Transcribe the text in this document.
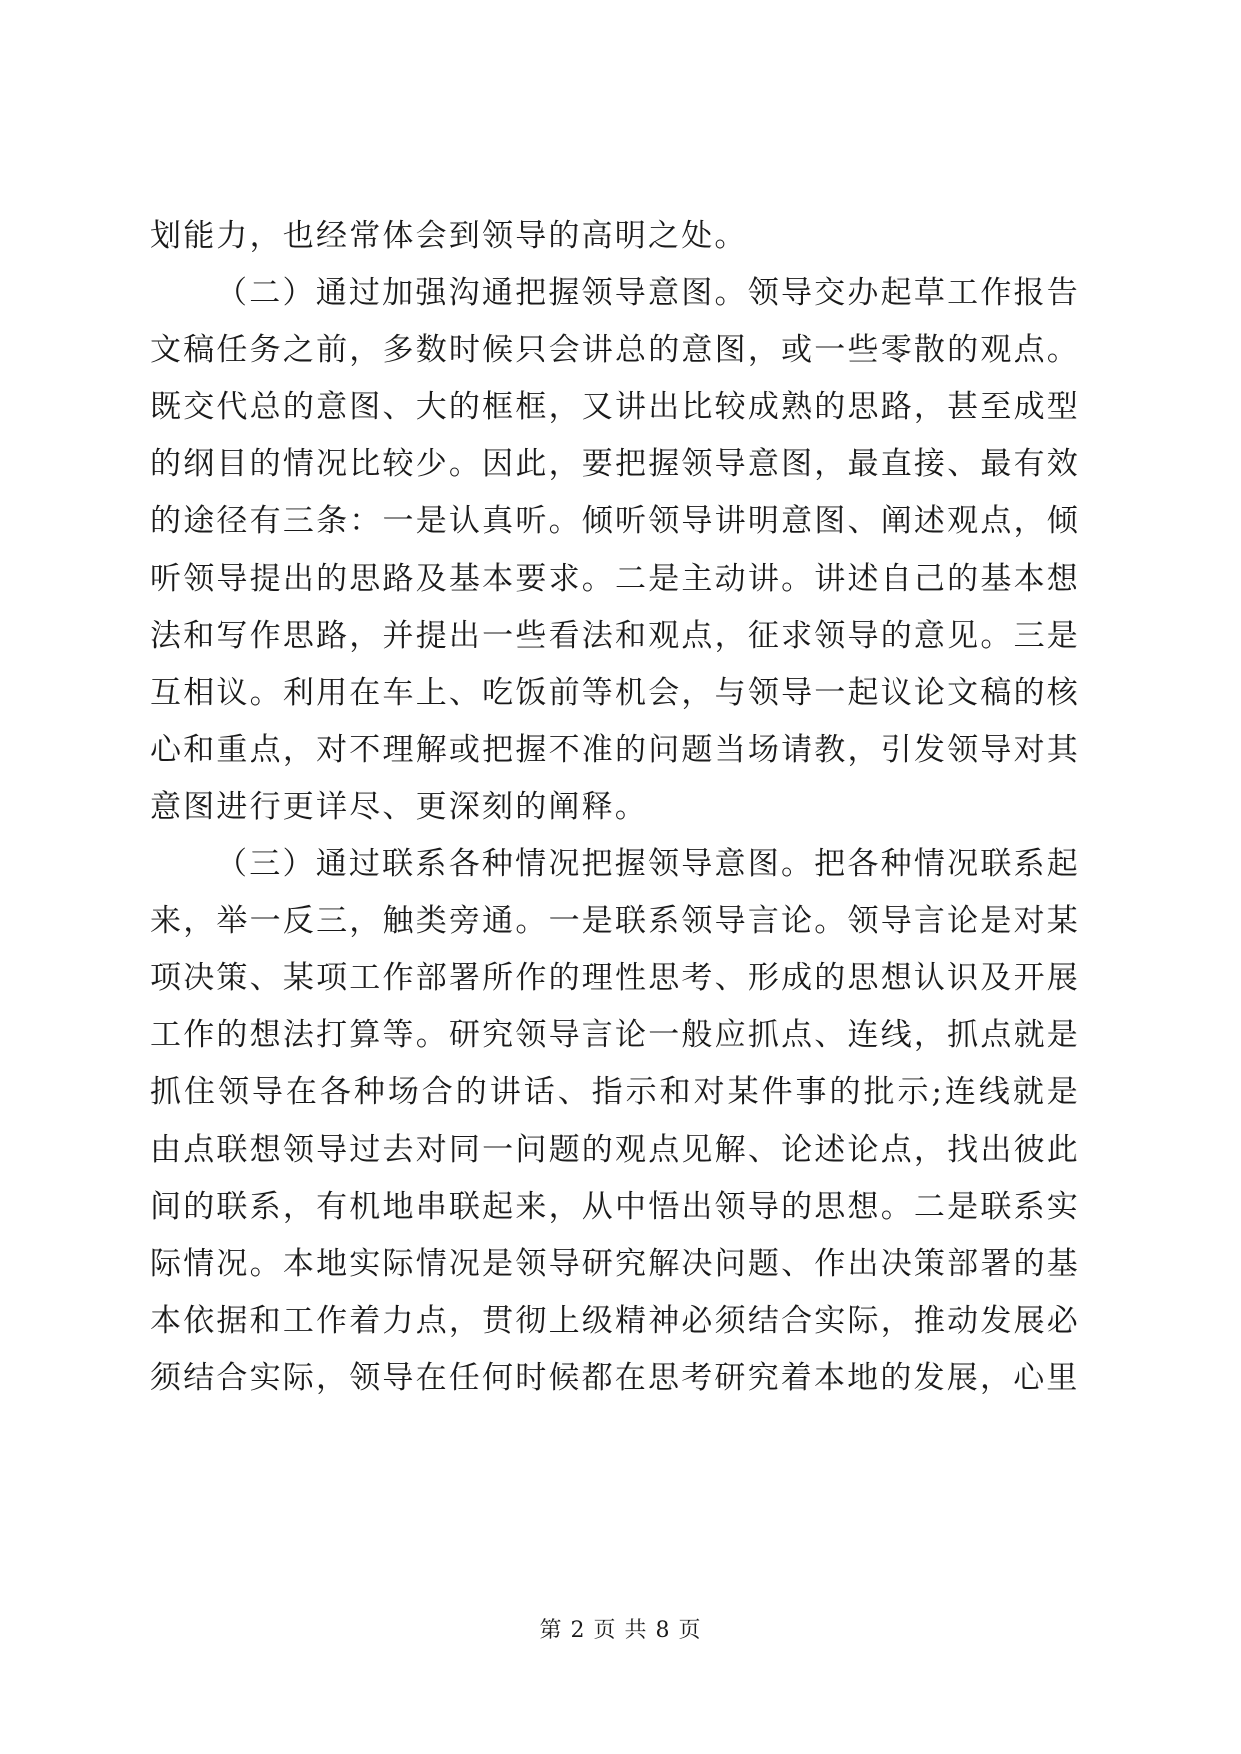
划能力，也经常体会到领导的高明之处。

（二）通过加强沟通把握领导意图。领导交办起草工作报告文稿任务之前，多数时候只会讲总的意图，或一些零散的观点。既交代总的意图、大的框框，又讲出比较成熟的思路，甚至成型的纲目的情况比较少。因此，要把握领导意图，最直接、最有效的途径有三条：一是认真听。倾听领导讲明意图、阐述观点，倾听领导提出的思路及基本要求。二是主动讲。讲述自己的基本想法和写作思路，并提出一些看法和观点，征求领导的意见。三是互相议。利用在车上、吃饭前等机会，与领导一起议论文稿的核心和重点，对不理解或把握不准的问题当场请教，引发领导对其意图进行更详尽、更深刻的阐释。

（三）通过联系各种情况把握领导意图。把各种情况联系起来，举一反三，触类旁通。一是联系领导言论。领导言论是对某项决策、某项工作部署所作的理性思考、形成的思想认识及开展工作的想法打算等。研究领导言论一般应抓点、连线，抓点就是抓住领导在各种场合的讲话、指示和对某件事的批示;连线就是由点联想领导过去对同一问题的观点见解、论述论点，找出彼此间的联系，有机地串联起来，从中悟出领导的思想。二是联系实际情况。本地实际情况是领导研究解决问题、作出决策部署的基本依据和工作着力点，贯彻上级精神必须结合实际，推动发展必须结合实际，领导在任何时候都在思考研究着本地的发展，心里

第 2 页 共 8 页
